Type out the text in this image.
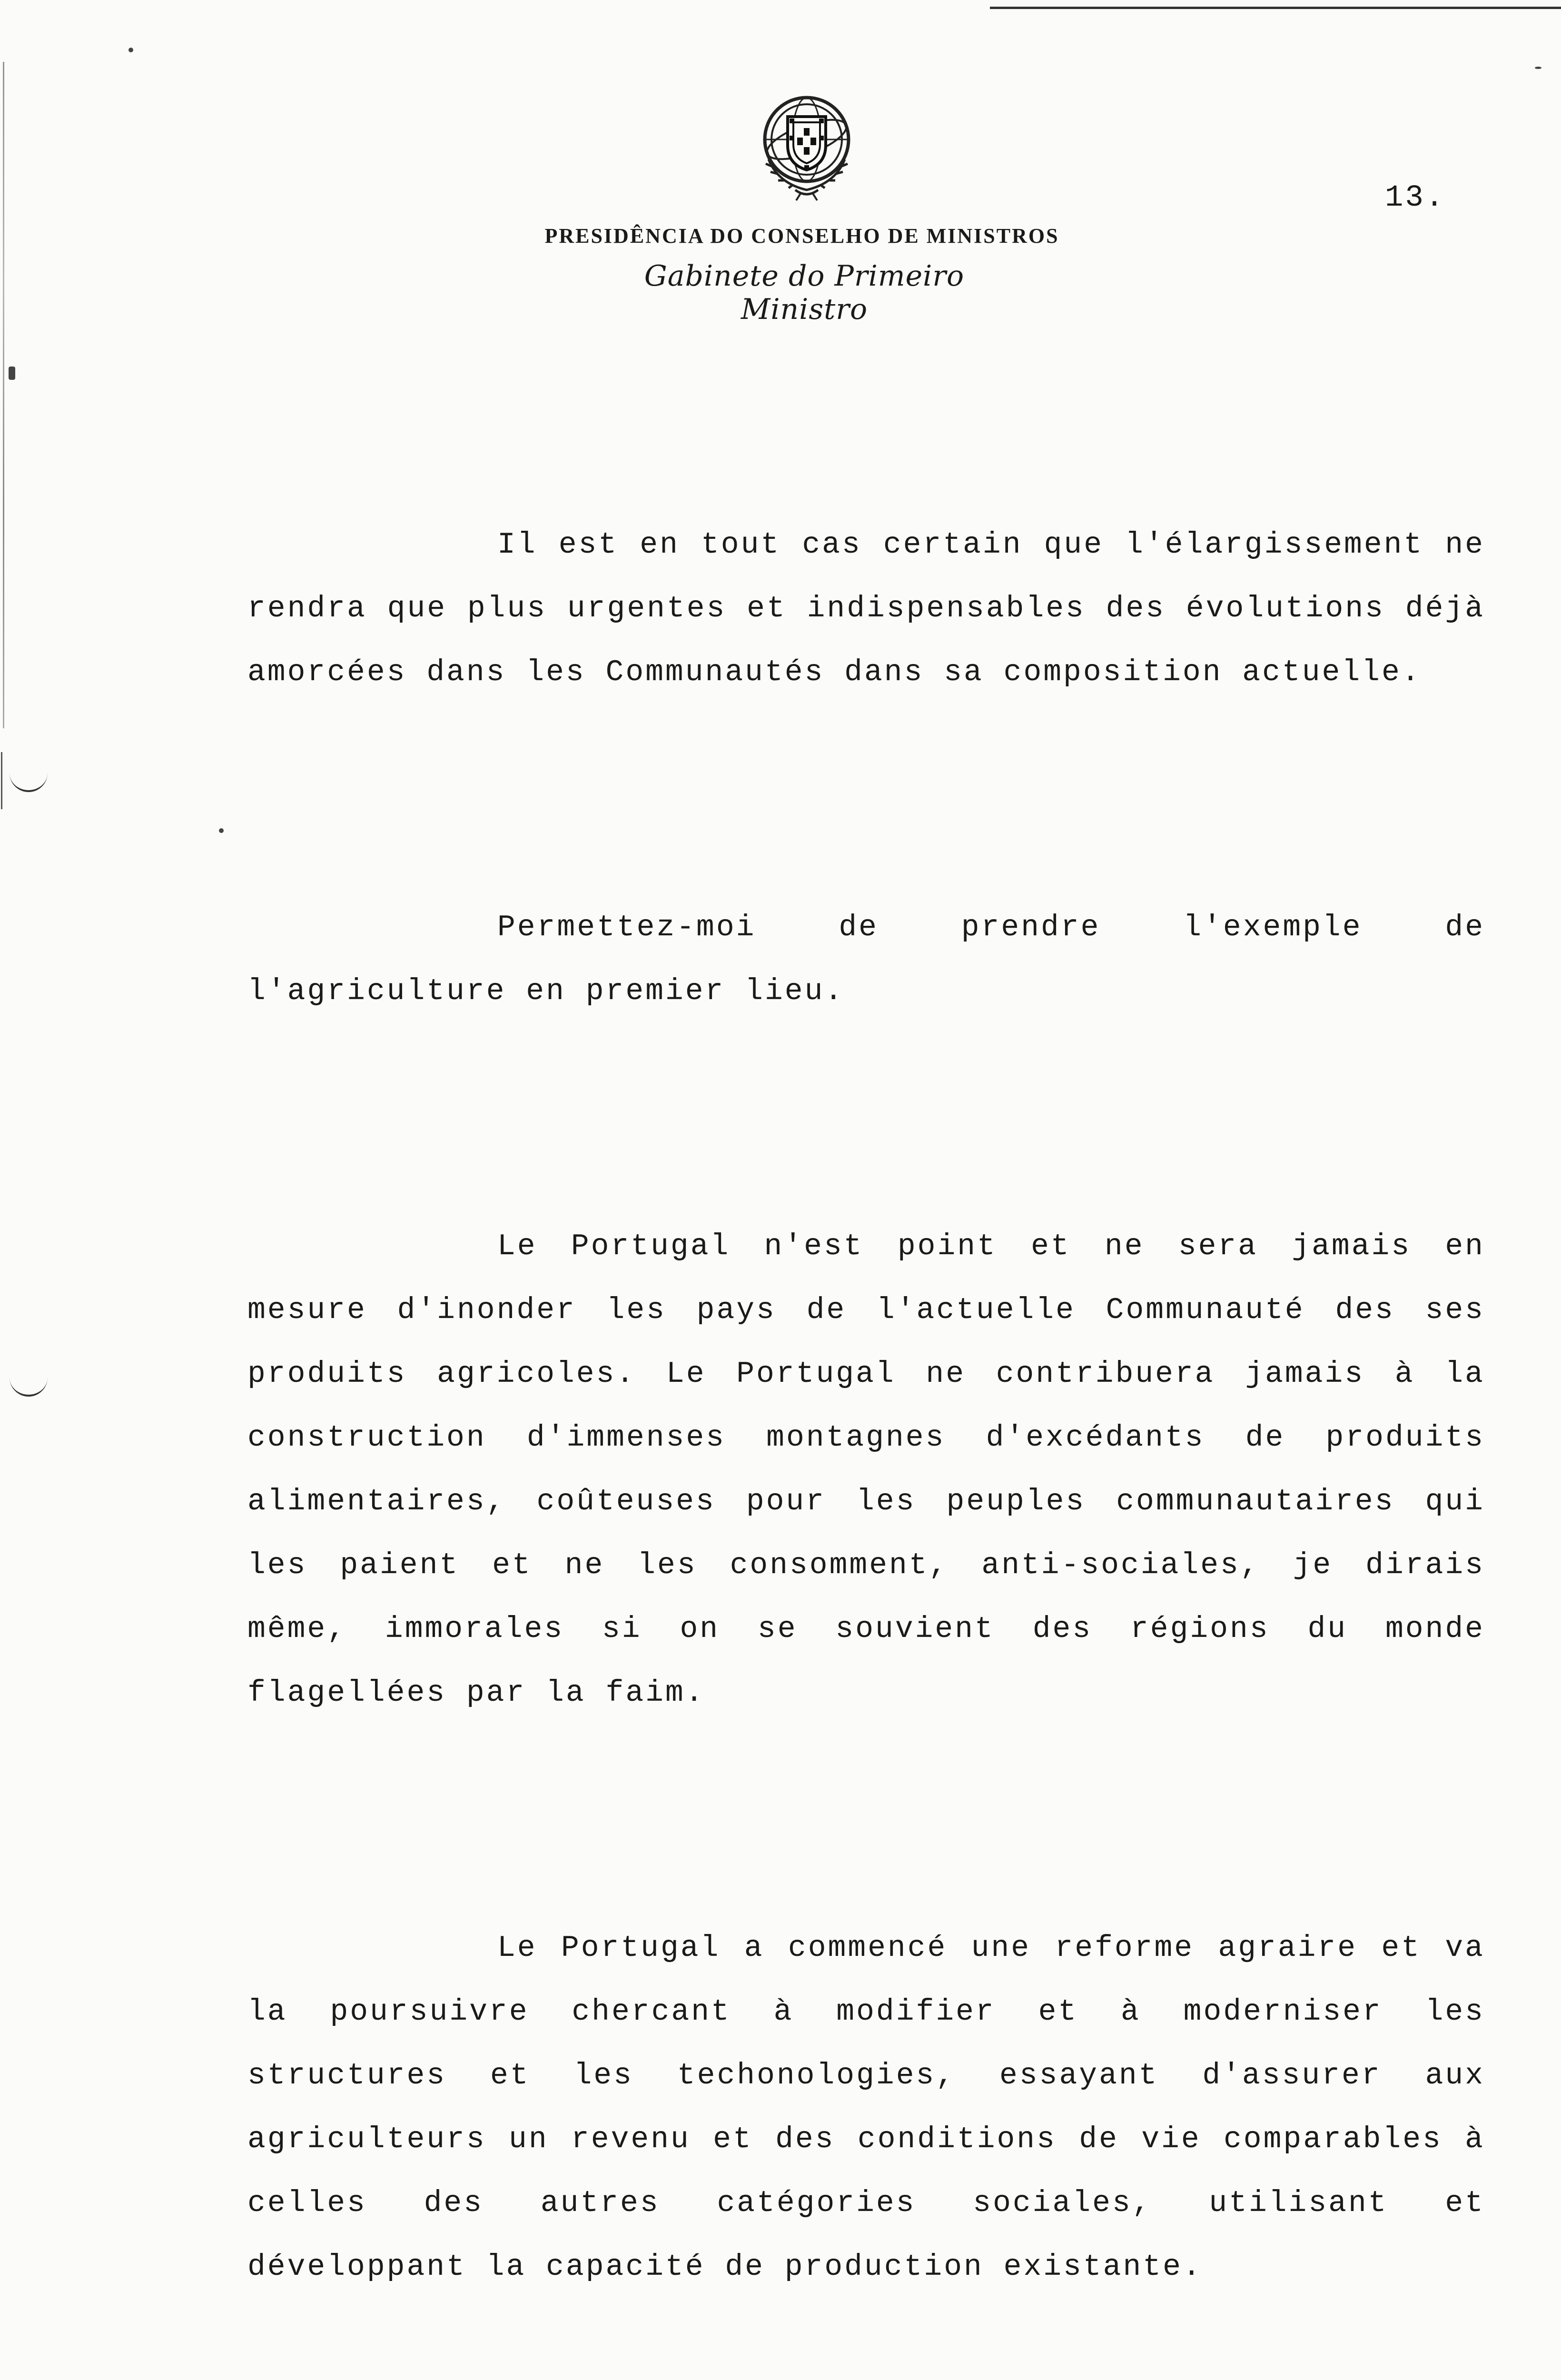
13.
PRESIDÊNCIA DO CONSELHO DE MINISTROS
Gabinete do Primeiro Ministro

Il est en tout cas certain que l'élargissement ne rendra que plus urgentes et indispensables des évolutions déjà amorcées dans les Communautés dans sa composition actuelle.

Permettez-moi de prendre l'exemple de l'agriculture en premier lieu.

Le Portugal n'est point et ne sera jamais en mesure d'inonder les pays de l'actuelle Communauté des ses produits agricoles. Le Portugal ne contribuera jamais à la construction d'immenses montagnes d'excédants de produits alimentaires, coûteuses pour les peuples communautaires qui les paient et ne les consomment, anti-sociales, je dirais même, immorales si on se souvient des régions du monde flagellées par la faim.

Le Portugal a commencé une reforme agraire et va la poursuivre chercant à modifier et à moderniser les structures et les techonologies, essayant d'assurer aux agriculteurs un revenu et des conditions de vie comparables à celles des autres catégories sociales, utilisant et développant la capacité de production existante.
